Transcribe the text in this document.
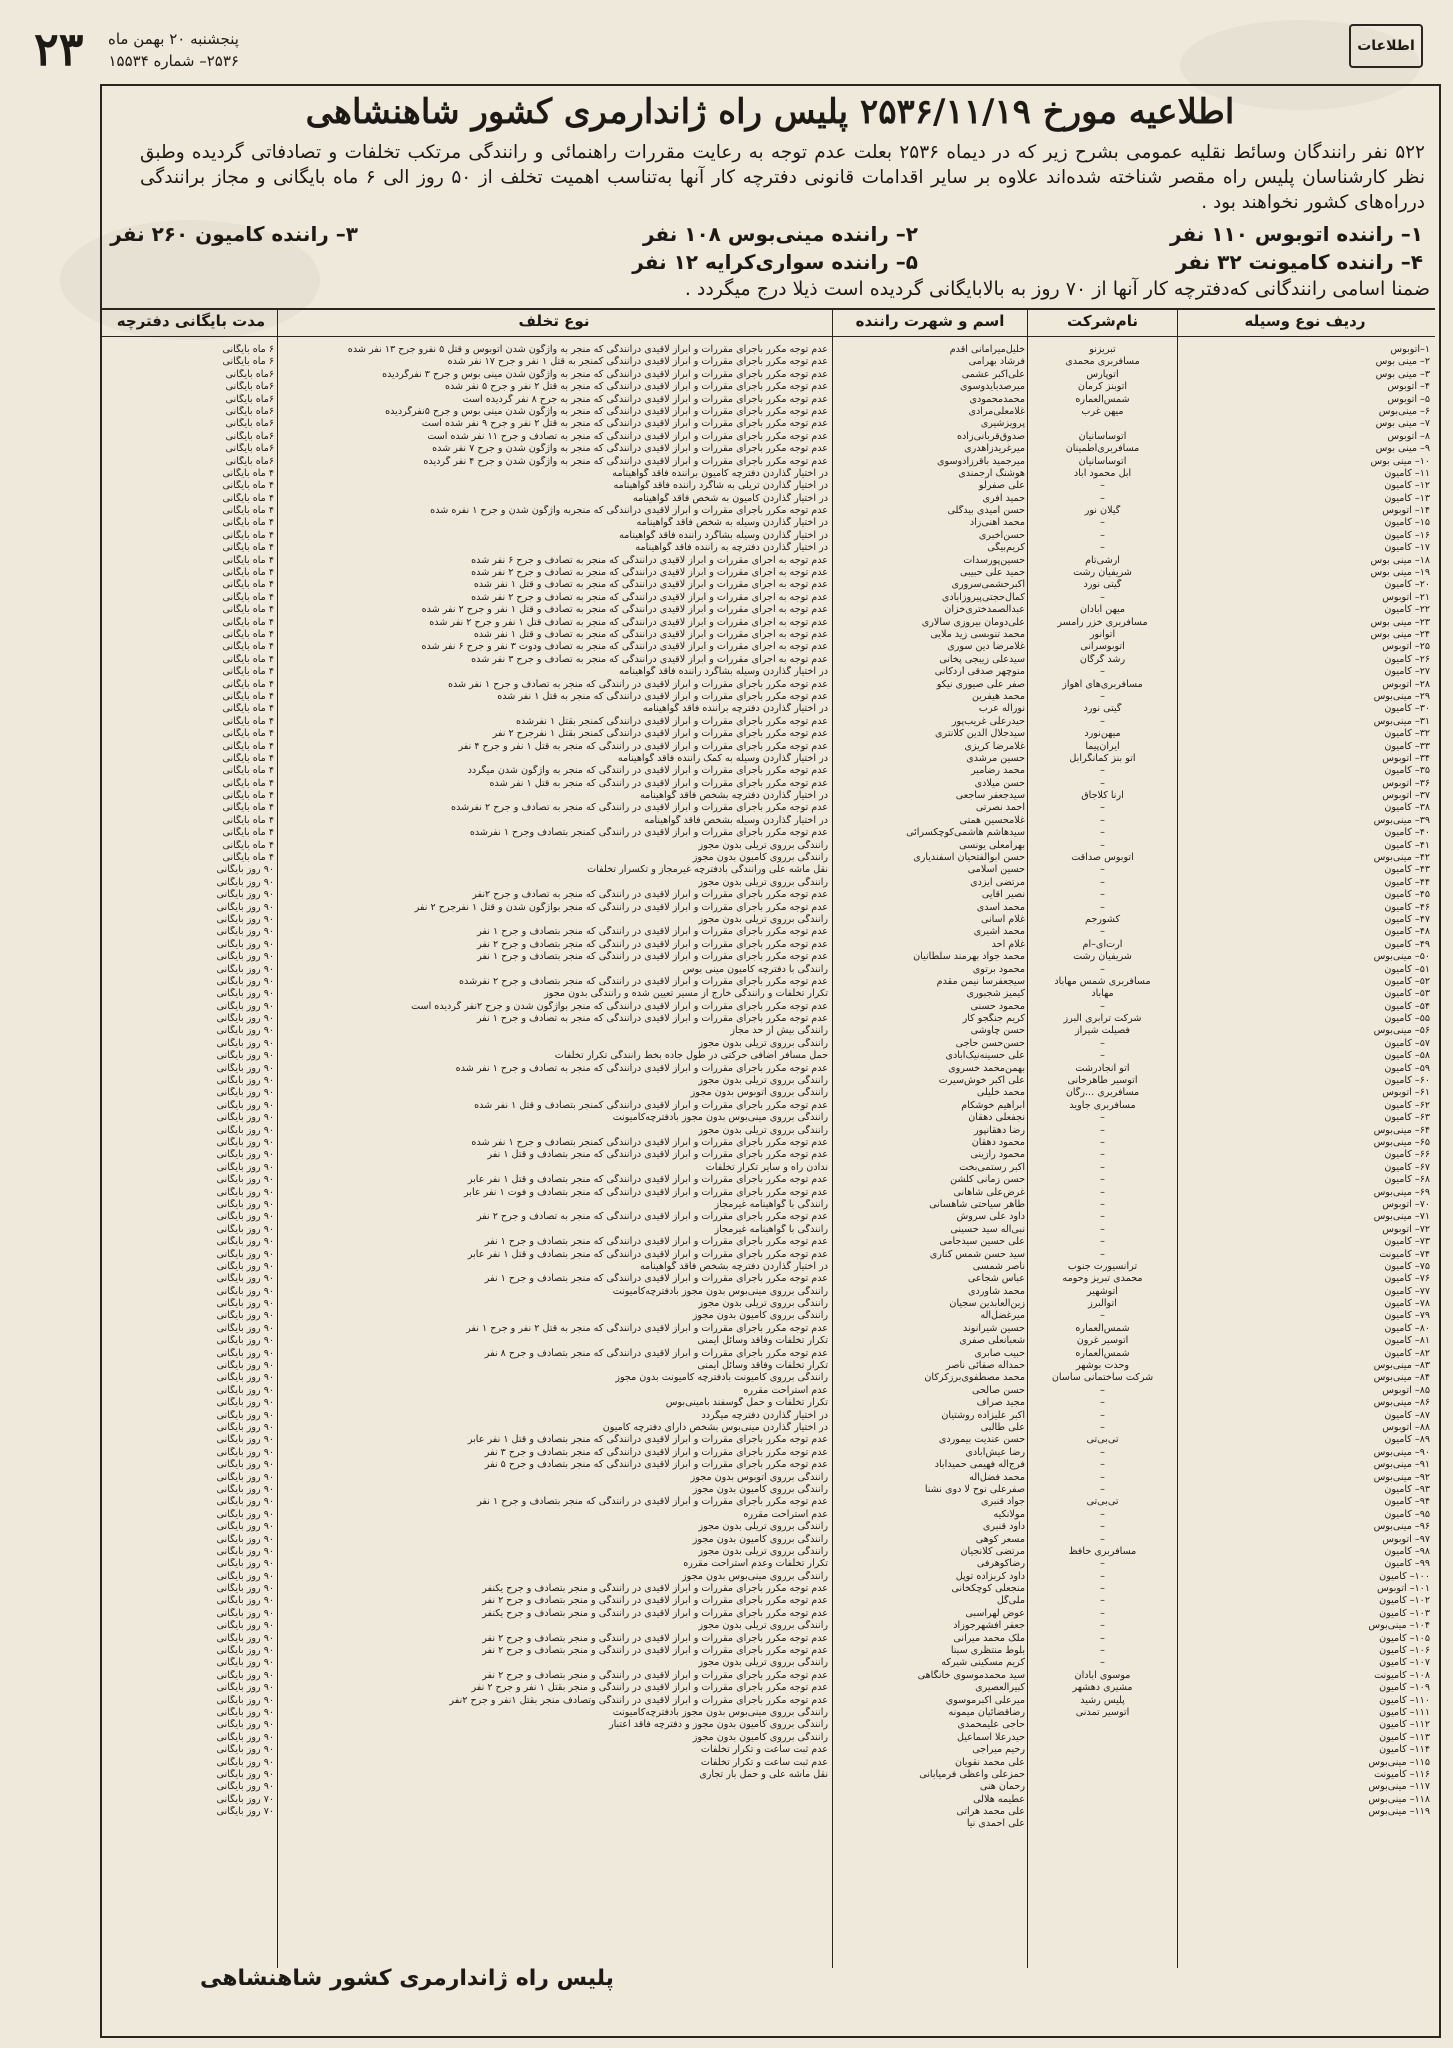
۲۳ پنجشنبه ۲۰ بهمن ماه
۲۵۳۶– شماره ۱۵۵۳۴
اطلاعات
اطلاعیه مورخ ۲۵۳۶/۱۱/۱۹ پلیس راه ژاندارمری کشور شاهنشاهی
۵۲۲ نفر رانندگان وسائط نقلیه عمومی بشرح زیر که در دیماه ۲۵۳۶ بعلت عدم توجه به رعایت مقررات راهنمائی و رانندگی مرتکب تخلفات و تصادفاتی گردیده وطبق نظر کارشناسان پلیس راه مقصر شناخته شده‌اند علاوه بر سایر اقدامات قانونی دفترچه کار آنها به‌تناسب اهمیت تخلف از ۵۰ روز الی ۶ ماه بایگانی و مجاز برانندگی درراه‌های کشور نخواهند بود .
۱– راننده اتوبوس ۱۱۰ نفر
۲– راننده مینی‌بوس ۱۰۸ نفر
۳– راننده کامیون ۲۶۰ نفر
۴– راننده کامیونت ۳۲ نفر
۵– راننده سواری‌کرایه ۱۲ نفر
ضمنا اسامی رانندگانی که‌دفترچه کار آنها از ۷۰ روز به بالابایگانی گردیده است ذیلا درج میگردد .
ردیف نوع وسیله
نام‌شرکت
اسم و شهرت راننده
نوع تخلف
مدت بایگانی دفترچه
۱–اتوبوس
۲– مینی بوس
۳– مینی بوس
۴– اتوبوس
۵– اتوبوس
۶– مینی‌بوس
۷– مینی بوس
۸– اتوبوس
۹– مینی بوس
۱۰– مینی بوس
۱۱– کامیون
۱۲– کامیون
۱۳– کامیون
۱۴– اتوبوس
۱۵– کامیون
۱۶– کامیون
۱۷– کامیون
۱۸– مینی بوس
۱۹– مینی بوس
۲۰– کامیون
۲۱– اتوبوس
۲۲– کامیون
۲۳– مینی بوس
۲۴– مینی بوس
۲۵– اتوبوس
۲۶– کامیون
۲۷– کامیون
۲۸– اتوبوس
۲۹– مینی‌بوس
۳۰– کامیون
۳۱– مینی‌بوس
۳۲– کامیون
۳۳– کامیون
۳۴– اتوبوس
۳۵– کامیون
۳۶– اتوبوس
۳۷– اتوبوس
۳۸– کامیون
۳۹– مینی‌بوس
۴۰– کامیون
۴۱– کامیون
۴۲– مینی‌بوس
۴۳– کامیون
۴۴– کامیون
۴۵– کامیون
۴۶– کامیون
۴۷– کامیون
۴۸– کامیون
۴۹– کامیون
۵۰– مینی‌بوس
۵۱– کامیون
۵۲– کامیون
۵۳– کامیون
۵۴– کامیون
۵۵– کامیون
۵۶– مینی‌بوس
۵۷– کامیون
۵۸– کامیون
۵۹– کامیون
۶۰– کامیون
۶۱– اتوبوس
۶۲– کامیون
۶۳– کامیون
۶۴– مینی‌بوس
۶۵– مینی‌بوس
۶۶– کامیون
۶۷– کامیون
۶۸– کامیون
۶۹– مینی‌بوس
۷۰– اتوبوس
۷۱– مینی‌بوس
۷۲– اتوبوس
۷۳– کامیون
۷۴– کامیونت
۷۵– کامیون
۷۶– کامیون
۷۷– کامیون
۷۸– کامیون
۷۹– کامیون
۸۰– کامیون
۸۱– کامیون
۸۲– کامیون
۸۳– مینی‌بوس
۸۴– مینی‌بوس
۸۵– اتوبوس
۸۶– مینی‌بوس
۸۷– کامیون
۸۸– اتوبوس
۸۹– کامیون
۹۰– مینی‌بوس
۹۱– مینی‌بوس
۹۲– مینی‌بوس
۹۳– کامیون
۹۴– کامیون
۹۵– کامیون
۹۶– مینی‌بوس
۹۷– اتوبوس
۹۸– کامیون
۹۹– کامیون
۱۰۰– کامیون
۱۰۱– اتوبوس
۱۰۲– کامیون
۱۰۳– کامیون
۱۰۴– مینی‌بوس
۱۰۵– کامیون
۱۰۶– کامیون
۱۰۷– کامیون
۱۰۸– کامیونت
۱۰۹– کامیون
۱۱۰– کامیون
۱۱۱– کامیون
۱۱۲– کامیون
۱۱۳– کامیون
۱۱۴– کامیون
۱۱۵– مینی‌بوس
۱۱۶– کامیونت
۱۱۷– مینی‌بوس
۱۱۸– مینی‌بوس
۱۱۹– مینی‌بوس
تبریزنو
مسافربری محمدی
اتوپارس
اتوبنز کرمان
شمس‌العماره
میهن غرب
اتوساسانیان
مسافربری‌اطمینان
اتوساسانیان
آبل محمود آباد
–
–
گیلان نور
–
–
–
آرشی‌تام
شریفیان رشت
گیتی نورد
–
میهن آبادان
مسافربری خزر رامسر
اتوانور
اتوبوسرانی
رشد گرگان
–
مسافربری‌های اهواز
–
گیتی نورد
–
میهن‌نورد
ایران‌پیما
اتو بنز کمانگرآبل
–
–
ارنا کلاجاق
–
–
–
–
اتوبوس صداقت
–
–
–
–
کشورجم
–
آرت‌ای–آم
شریفیان رشت
–
مسافربری شمس مهاباد
مهاباد
–
شرکت ترابری البرز
فصیلت شیراز
–
–
اتو انجادرشت
اتوسیر طاهرخانی
مسافربری ...رگان
مسافربری جاوید
–
–
–
–
–
–
–
–
–
–
–
–
ترانسیورت جنوب
محمدی تبریز وحومه
اتوشهیر
اتوالبرز
–
شمس‌العماره
اتوسیر غرون
شمس‌العماره
وحدت بوشهر
شرکت ساختمانی ساسان
–
–
–
–
تی‌بی‌تی
–
–
–
–
تی‌بی‌تی
–
–
–
مسافربری حافظ
–
–
–
–
–
–
–
–
–
موسوی آبادان
مشیری دهشهر
پلیس رشید
اتوسیر تمدنی
خلیل‌میرامانی اقدم
فرشاد بهرامی
علی‌اکبر عشمی
میرصدبایدوسوی
محمدمحمودی
غلامعلی‌مرادی
پرویزشیری
صدوق‌قربانی‌زاده
میرغریدزاهدری
میرجمید باقرزادوسوی
هوشنگ ارجمندی
علی صفرلو
حمید آفری
حسن امیدی بیدگلی
محمد آهنی‌زاد
حسن‌اخبری
کریم‌بیگی
حسین‌پورسدات
حمید علی حبیبی
اکبرحشمی‌سروری
کمال‌حجتی‌پیروزآبادی
عبدالصمدختری‌خزان
علی‌دومان بیروزی سالاری
محمد تنوبسی زید ملایی
غلامرضا دین سوری
سیدعلی زیبجی پخانی
منوچهر صدقی اردکانی
صفر علی صیوری نیکو
محمد هیفرین
نوراله عرب
حیدرعلی غریب‌پور
سیدجلال الدین کلانتری
غلامرضا کریزی
حسین مرشدی
محمد رضامیر
حسن میلادی
سیدجعفر ساجعی
احمد نصرتی
غلامحسین همتی
سیدهاشم هاشمی‌کوچکسرائی
بهرامعلی یونسی
حسن ابوالفتحیان اسفندیاری
حسین اسلامی
مرتضی ایزدی
نصیر آقایی
محمد اسدی
غلام آسانی
محمد آشیری
غلام احد
محمد جواد بهرمند سلطانیان
محمود برتوی
سیجعفرسا نیمن مقدم
کیمیز شجبوری
محمود حسنی
کریم جنگجو کار
حسن چاوشی
حسن‌حسن حاجی
علی حسینه‌نیک‌آبادی
بهمن‌محمد خسروی
علی اکبر خوش‌سیرت
محمد خلیلی
ابراهیم خوشکام
نجفعلی دهقان
رضا دهقانپور
محمود دهقان
محمود رازینی
اکبر رستمی‌بخت
حسن زمانی کلشن
غرض‌علی شاهانی
طاهر سیاحتی شاهسانی
داود علی سروش
نبی‌اله سید حسینی
علی حسین سیدجامی
سید حسن شمس کناری
ناصر شمسی
عباس شجاعی
محمد شاوردی
زین‌العابدین سجیان
میرغضل‌اله
حسین شیرانوند
شعبانعلی صفری
حبیب صابری
حمداله صفائی ناصر
محمد مصطفوی‌برزکرکان
حسن صالحی
مجید صراف
اکبر علیزاده روشتیان
علی طالبی
حسن عندیت بیموردی
رضا عیش‌آبادی
فرج‌اله فهیمی حمیدآباد
محمد فضل‌اله
صفرعلی نوح لا دوی نشنا
جواد قنبری
مولانکیه
داود قنبری
مسعر کوهی
مرتضی کلانجیان
رضاکوهرفی
داود کربزاده توپل
منجعلی کوچکخانی
ملی‌گل
عوض لهراسبی
جعفر افشهرجوزاد
ملک محمد میرانی
بلوط منتظری سینا
کریم مسکینی شیرکه
سید محمدموسوی خانگاهی
کبیرالعصیری
میرعلی اکبرموسوی
رضاقضائیان میمونه
حاجی علیمحمدی
حیدرعلا اسماعیل
رحیم میراجی
علی محمد نقویان
حمزعلی واعظی فرمیابانی
رحمان هنی
عطیمه هلالی
علی محمد هراتی
علی احمدی نیا
عدم توجه مکرر باجرای مقررات و ابراز لاقیدی درانندگی که منجر به واژگون شدن اتوبوس و قتل ۵ نفرو جرح ۱۳ نفر شده
عدم توجه مکرر باجرای مقررات و ابراز لاقیدی درانندگی کمنجر به قتل ۱ نفر و جرح ۱۷ نفر شده
عدم توجه مکرر باجرای مقررات و ابراز لاقیدی درانندگی که منجر به واژگون شدن مینی بوس و جرح ۳ نفرگردیده
عدم توجه مکرر باجرای مقررات و ابراز لاقیدی درانندگی که منجر به قتل ۲ نفر و جرح ۵ نفر شده
عدم توجه مکرر باجرای مقررات و ابراز لاقیدی درانندگی که منجر به جرح ۸ نفر گردیده است
عدم توجه مکرر باجرای مقررات و ابراز لاقیدی درانندگی که منجر به واژگون شدن مینی بوس و جرح ۵نفرگردیده
عدم توجه مکرر باجرای مقررات و ابراز لاقیدی درانندگی که منجر به قتل ۲ نفر و جرح ۹ نفر شده است
عدم توجه مکرر باجرای مقررات و ابراز لاقیدی درانندگی که منجر به تصادف و جرح ۱۱ نفر شده است
عدم توجه مکرر باجرای مقررات و ابراز لاقیدی درانندگی که منجر به واژگون شدن و جرح ۷ نفر شده
عدم توجه مکرر باجرای مقررات و ابراز لاقیدی درانندگی که منجر به واژگون شدن و جرح ۴ نفر گردیده
در اختیار گذاردن دفترچه کامیون براننده فاقد گواهینامه
در اختیار گذاردن تریلی به شاگرد راننده فاقد گواهینامه
در اختیار گذاردن کامیون به شخص فاقد گواهینامه
عدم توجه مکرر باجرای مقررات و ابراز لاقیدی درانندگی که منجربه واژگون شدن و جرح ۱ نفره شده
در اختیار گذاردن وسیله به شخص فاقد گواهینامه
در اختیار گذاردن وسیله بشاگرد راننده فاقد گواهینامه
در اختیار گذاردن دفترچه به راننده فاقد گواهینامه
عدم توجه به اجرای مقررات و ابراز لاقیدی درانندگی که منجر به تصادف و جرح ۶ نفر شده
عدم توجه به اجرای مقررات و ابراز لاقیدی درانندگی که منجر به تصادف و جرح ۲ نفر شده
عدم توجه به اجرای مقررات و ابراز لاقیدی درانندگی که منجر به تصادف و قتل ۱ نفر شده
عدم توجه به اجرای مقررات و ابراز لاقیدی درانندگی که منجر به تصادف و جرح ۲ نفر شده
عدم توجه به اجرای مقررات و ابراز لاقیدی درانندگی که منجر به تصادف و قتل ۱ نفر و جرح ۲ نفر شده
عدم توجه به اجرای مقررات و ابراز لاقیدی درانندگی که منجر به تصادف قتل ۱ نفر و جرح ۲ نفر شده
عدم توجه به اجرای مقررات و ابراز لاقیدی درانندگی که منجر به تصادف و قتل ۱ نفر شده
عدم توجه به اجرای مقررات و ابراز لاقیدی درانندگی که منجر به تصادف ودوت ۳ نفر و جرح ۶ نفر شده
عدم توجه به اجرای مقررات و ابراز لاقیدی درانندگی که منجر به تصادف و جرح ۳ نفر شده
در اختیار گذاردن وسیله بشاگرد راننده فاقد گواهینامه
عدم توجه مکرر باجرای مقررات و ابراز لاقیدی در رانندگی که منجر به تصادف و جرح ۱ نفر شده
عدم توجه مکرر باجرای مقررات و ابراز لاقیدی درانندگی که منجر به قتل ۱ نفر شده
در اختیار گذاردن دفترچه براننده فاقد گواهینامه
عدم توجه مکرر باجرای مقررات و ابراز لاقیدی درانندگی کمنجر بقتل ۱ نفرشده
عدم توجه مکرر باجرای مقررات و ابراز لاقیدی درانندگی کمنجر بقتل ۱ نفرجرح ۲ نفر
عدم توجه مکرر باجرای مقررات و ابراز لاقیدی در رانندگی که منجر به قتل ۱ نفر و جرح ۴ نفر
در اختیار گذاردن وسیله به کمک راننده فاقد گواهینامه
عدم توجه مکرر باجرای مقررات و ابراز لاقیدی در رانندگی که منجر به واژگون شدن میگردد
عدم توجه مکرر باجرای مقررات و ابراز لاقیدی در رانندگی که منجر به قتل ۱ نفر شده
در اختیار گذاردن دفترچه بشخص فاقد گواهینامه
عدم توجه مکرر باجرای مقررات و ابراز لاقیدی در رانندگی که منجر به تصادف و جرح ۲ نفرشده
در اختیار گذاردن وسیله بشخص فاقد گواهینامه
عدم توجه مکرر باجرای مقررات و ابراز لاقیدی در رانندگی کمنجر بتصادف وجرح ۱ نفرشده
رانندگی برروی تریلی بدون مجوز
رانندگی برروی کامیون بدون مجوز
نقل ماشه علی ورانندگی بادفترچه غیرمجاز و تکسرار تخلفات
رانندگی برروی تریلی بدون مجوز
عدم توجه مکرر باجرای مقررات و ابراز لاقیدی در رانندگی که منجر به تصادف و جرح ۲نفر
عدم توجه مکرر باجرای مقررات و ابراز لاقیدی در رانندگی که منجر بواژگون شدن و قتل ۱ نفرجرح ۲ نفر
رانندگی برروی تریلی بدون مجوز
عدم توجه مکرر باجرای مقررات و ابراز لاقیدی در رانندگی که منجر بتصادف و جرح ۱ نفر
عدم توجه مکرر باجرای مقررات و ابراز لاقیدی در رانندگی که منجر بتصادف و جرح ۲ نفر
عدم توجه مکرر باجرای مقررات و ابراز لاقیدی در رانندگی که منجر بتصادف و جرح ۱ نفر
رانندگی با دفترچه کامیون مینی بوس
عدم توجه مکرر باجرای مقررات و ابراز لاقیدی در رانندگی که منجر بتصادف و جرح ۲ نفرشده
تکرار تخلفات و رانندگی خارج از مسیر تعیین شده و رانندگی بدون مجوز
عدم توجه مکرر باجرای مقررات و ابراز لاقیدی درانندگی که منجر بواژگون شدن و جرح ۲نفر گردیده است
عدم توجه مکرر باجرای مقررات و ابراز لاقیدی درانندگی که منجر به تصادف و جرح ۱ نفر
رانندگی بیش از حد مجاز
رانندگی برروی تریلی بدون مجوز
حمل مسافر اضافی حرکتی در طول جاده بخط رانندگی تکرار تخلفات
عدم توجه مکرر باجرای مقررات و ابراز لاقیدی درانندگی که منجر به تصادف و جرح ۱ نفر شده
رانندگی برروی تریلی بدون مجوز
رانندگی برروی اتوبوس بدون مجوز
عدم توجه مکرر باجرای مقررات و ابراز لاقیدی درانندگی کمنجر بتصادف و قتل ۱ نفر شده
رانندگی برروی مینی‌بوس بدون مجوز بادفترچه‌کامیونت
رانندگی برروی تریلی بدون مجوز
عدم توجه مکرر باجرای مقررات و ابراز لاقیدی درانندگی کمنجر بتصادف و جرح ۱ نفر شده
عدم توجه مکرر باجرای مقررات و ابراز لاقیدی درانندگی که منجر بتصادف و قتل ۱ نفر
ندادن راه و ساير تکرار تخلفات
عدم توجه مکرر باجرای مقررات و ابراز لاقیدی درانندگی که منجر بتصادف و قتل ۱ نفر عابر
عدم توجه مکرر باجرای مقررات و ابراز لاقیدی درانندگی که منجر بتصادف و فوت ۱ نفر عابر
رانندگی با گواهینامه غیرمجاز
عدم توجه مکرر باجرای مقررات و ابراز لاقیدی درانندگی که منجر به تصادف و جرح ۲ نفر
رانندگی با گواهینامه غیرمجاز
عدم توجه مکرر باجرای مقررات و ابراز لاقیدی درانندگی که منجر بتصادف و جرح ۱ نفر
عدم توجه مکرر باجرای مقررات و ابراز لاقیدی درانندگی که منجر بتصادف و قتل ۱ نفر عابر
در اختیار گذاردن دفترچه بشخص فاقد گواهینامه
عدم توجه مکرر باجرای مقررات و ابراز لاقیدی درانندگی که منجر بتصادف و جرح ۱ نفر
رانندگی برروی مینی‌بوس بدون مجوز بادفترچه‌کامیونت
رانندگی برروی تریلی بدون مجوز
رانندگی برروی کامیون بدون مجوز
عدم توجه مکرر باجرای مقررات و ابراز لاقیدی درانندگی که منجر به قتل ۲ نفر و جرح ۱ نفر
تکرار تخلفات وفاقد وسائل ایمنی
عدم توجه مکرر باجرای مقررات و ابراز لاقیدی درانندگی که منجر بتصادف و جرح ۸ نفر
تکرار تخلفات وفاقد وسائل ایمنی
رانندگی برروی کامیونت بادفترچه کامیونت بدون مجوز
عدم استراحت مقرره
تکرار تخلفات و حمل گوسفند بامینی‌بوس
در اختیار گذاردن دفترچه میگردد
در اختیار گذاردن مینی‌بوس بشخص دارای دفترچه کامیون
عدم توجه مکرر باجرای مقررات و ابراز لاقیدی درانندگی که منجر بتصادف و قتل ۱ نفر عابر
عدم توجه مکرر باجرای مقررات و ابراز لاقیدی درانندگی که منجر بتصادف و جرح ۳ نفر
عدم توجه مکرر باجرای مقررات و ابراز لاقیدی درانندگی که منجر بتصادف و جرح ۵ نفر
رانندگی برروی اتوبوس بدون مجوز
رانندگی برروی کامیون بدون مجوز
عدم توجه مکرر باجرای مقررات و ابراز لاقیدی در رانندگی که منجر بتصادف و جرح ۱ نفر
عدم استراحت مقرره
رانندگی برروی تریلی بدون مجوز
رانندگی برروی کامیون بدون مجوز
رانندگی برروی تریلی بدون مجوز
تکرار تخلفات وعدم استراحت مقرره
رانندگی برروی مینی‌بوس بدون مجوز
عدم توجه مکرر باجرای مقررات و ابراز لاقیدی در رانندگی و منجر بتصادف و جرح یکنفر
عدم توجه مکرر باجرای مقررات و ابراز لاقیدی در رانندگی و منجر بتصادف و جرح ۲ نفر
عدم توجه مکرر باجرای مقررات و ابراز لاقیدی در رانندگی و منجر بتصادف و جرح یکنفر
رانندگی برروی تریلی بدون مجوز
عدم توجه مکرر باجرای مقررات و ابراز لاقیدی در رانندگی و منجر بتصادف و جرح ۲ نفر
عدم توجه مکرر باجرای مقررات و ابراز لاقیدی در رانندگی و منجر بتصادف و جرح ۲ نفر
رانندگی برروی تریلی بدون مجوز
عدم توجه مکرر باجرای مقررات و ابراز لاقیدی در رانندگی و منجر بتصادف و جرح ۲ نفر
عدم توجه مکرر باجرای مقررات و ابراز لاقیدی در رانندگی و منجر بقتل ۱ نفر و جرح ۲ نفر
عدم توجه مکرر باجرای مقررات و ابراز لاقیدی در رانندگی وتصادف منجر بقتل ۱نفر و جرح ۲نفر
رانندگی برروی مینی‌بوس بدون مجوز بادفترچه‌کامیونت
رانندگی برروی کامیون بدون مجوز و دفترچه فاقد اعتبار
رانندگی برروی کامیون بدون مجوز
عدم ثبت ساعت و تکرار تخلفات
عدم ثبت ساعت و تکرار تخلفات
نقل ماشه علی و حمل بار تجاری
۶ ماه بایگانی
۶ ماه بایگانی
۶ماه بایگانی
۶ماه بایگانی
۶ماه بایگانی
۶ماه بایگانی
۶ماه بایگانی
۶ماه بایگانی
۶ماه بایگانی
۶ماه بایگانی
۴ ماه بایگانی
۴ ماه بایگانی
۴ ماه بایگانی
۴ ماه بایگانی
۴ ماه بایگانی
۴ ماه بایگانی
۴ ماه بایگانی
۴ ماه بایگانی
۴ ماه بایگانی
۴ ماه بایگانی
۴ ماه بایگانی
۴ ماه بایگانی
۴ ماه بایگانی
۴ ماه بایگانی
۴ ماه بایگانی
۴ ماه بایگانی
۴ ماه بایگانی
۴ ماه بایگانی
۴ ماه بایگانی
۴ ماه بایگانی
۴ ماه بایگانی
۴ ماه بایگانی
۴ ماه بایگانی
۴ ماه بایگانی
۴ ماه بایگانی
۴ ماه بایگانی
۴ ماه بایگانی
۴ ماه بایگانی
۴ ماه بایگانی
۴ ماه بایگانی
۴ ماه بایگانی
۴ ماه بایگانی
۹۰ روز بایگانی
۹۰ روز بایگانی
۹۰ روز بایگانی
۹۰ روز بایگانی
۹۰ روز بایگانی
۹۰ روز بایگانی
۹۰ روز بایگانی
۹۰ روز بایگانی
۹۰ روز بایگانی
۹۰ روز بایگانی
۹۰ روز بایگانی
۹۰ روز بایگانی
۹۰ روز بایگانی
۹۰ روز بایگانی
۹۰ روز بایگانی
۹۰ روز بایگانی
۹۰ روز بایگانی
۹۰ روز بایگانی
۹۰ روز بایگانی
۹۰ روز بایگانی
۹۰ روز بایگانی
۹۰ روز بایگانی
۹۰ روز بایگانی
۹۰ روز بایگانی
۹۰ روز بایگانی
۹۰ روز بایگانی
۹۰ روز بایگانی
۹۰ روز بایگانی
۹۰ روز بایگانی
۹۰ روز بایگانی
۹۰ روز بایگانی
۹۰ روز بایگانی
۹۰ روز بایگانی
۹۰ روز بایگانی
۹۰ روز بایگانی
۹۰ روز بایگانی
۹۰ روز بایگانی
۹۰ روز بایگانی
۹۰ روز بایگانی
۹۰ روز بایگانی
۹۰ روز بایگانی
۹۰ روز بایگانی
۹۰ روز بایگانی
۹۰ روز بایگانی
۹۰ روز بایگانی
۹۰ روز بایگانی
۹۰ روز بایگانی
۹۰ روز بایگانی
۹۰ روز بایگانی
۹۰ روز بایگانی
۹۰ روز بایگانی
۹۰ روز بایگانی
۹۰ روز بایگانی
۹۰ روز بایگانی
۹۰ روز بایگانی
۹۰ روز بایگانی
۹۰ روز بایگانی
۹۰ روز بایگانی
۹۰ روز بایگانی
۹۰ روز بایگانی
۹۰ روز بایگانی
۹۰ روز بایگانی
۹۰ روز بایگانی
۹۰ روز بایگانی
۹۰ روز بایگانی
۹۰ روز بایگانی
۹۰ روز بایگانی
۹۰ روز بایگانی
۹۰ روز بایگانی
۹۰ روز بایگانی
۹۰ روز بایگانی
۹۰ روز بایگانی
۹۰ روز بایگانی
۹۰ روز بایگانی
۹۰ روز بایگانی
۷۰ روز بایگانی
۷۰ روز بایگانی
پلیس راه ژاندارمری کشور شاهنشاهی
